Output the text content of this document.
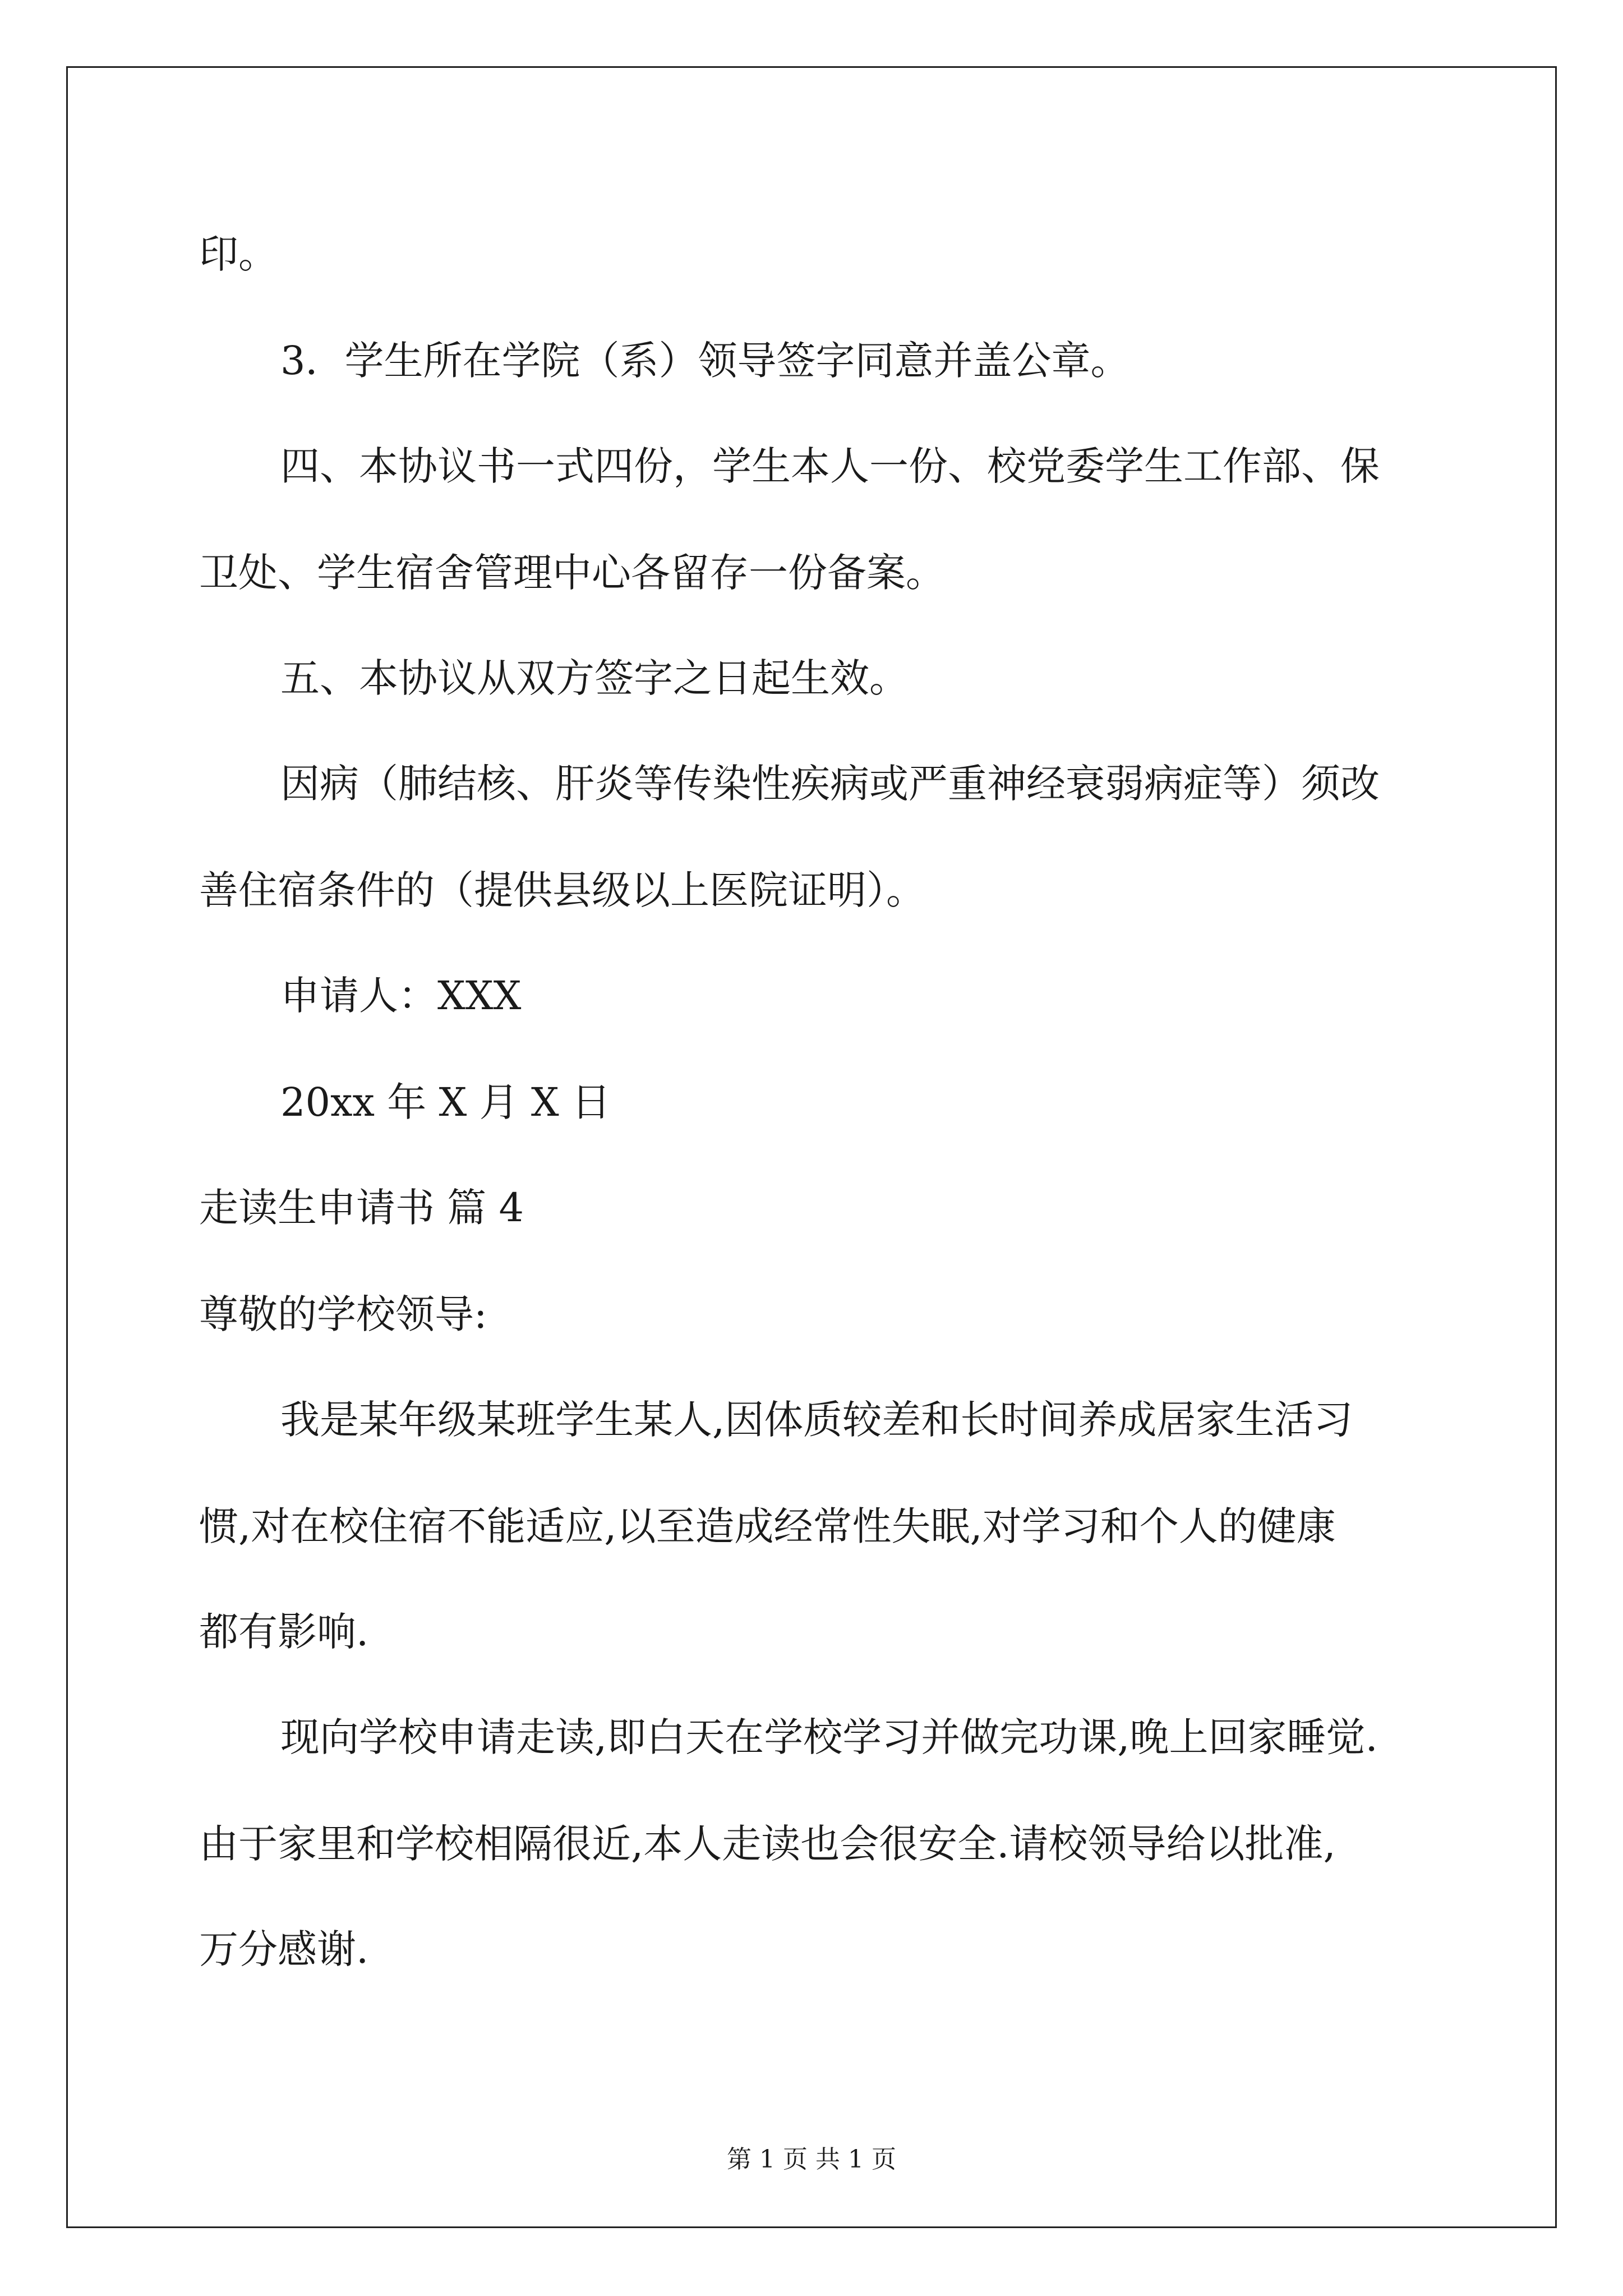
印。
3．学生所在学院（系）领导签字同意并盖公章。
四、本协议书一式四份，学生本人一份、校党委学生工作部、保
卫处、学生宿舍管理中心各留存一份备案。
五、本协议从双方签字之日起生效。
因病（肺结核、肝炎等传染性疾病或严重神经衰弱病症等）须改
善住宿条件的（提供县级以上医院证明）。
申请人：XXX
20xx 年 X 月 X 日
走读生申请书 篇 4
尊敬的学校领导:
我是某年级某班学生某人,因体质较差和长时间养成居家生活习
惯,对在校住宿不能适应,以至造成经常性失眠,对学习和个人的健康
都有影响.
现向学校申请走读,即白天在学校学习并做完功课,晚上回家睡觉.
由于家里和学校相隔很近,本人走读也会很安全.请校领导给以批准,
万分感谢.
第 1 页 共 1 页
